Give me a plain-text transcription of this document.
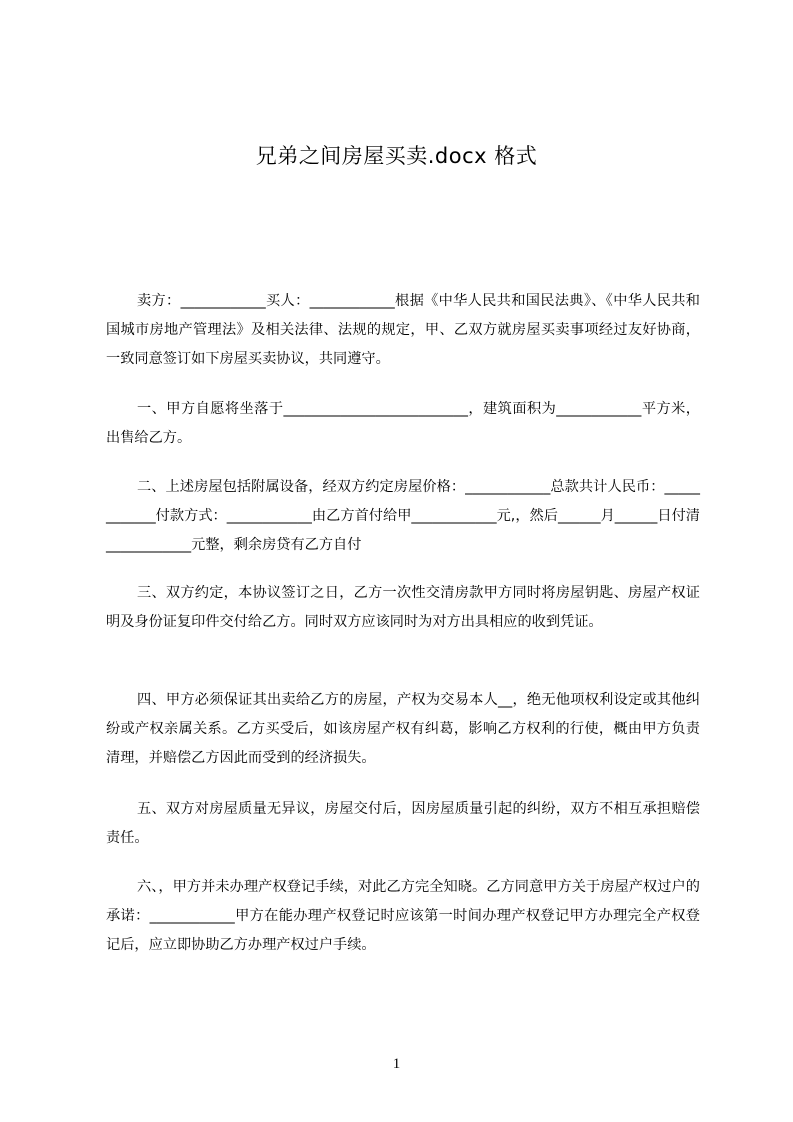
兄弟之间房屋买卖.docx 格式

卖方：____________买人：____________根据《中华人民共和国民法典》、《中华人民共和国城市房地产管理法》及相关法律、法规的规定，甲、乙双方就房屋买卖事项经过友好协商，一致同意签订如下房屋买卖协议，共同遵守。

一、甲方自愿将坐落于__________________________，建筑面积为____________平方米，出售给乙方。

二、上述房屋包括附属设备，经双方约定房屋价格：____________总款共计人民币：____________付款方式：____________由乙方首付给甲____________元,，然后______月______日付清____________元整，剩余房贷有乙方自付

三、双方约定，本协议签订之日，乙方一次性交清房款甲方同时将房屋钥匙、房屋产权证明及身份证复印件交付给乙方。同时双方应该同时为对方出具相应的收到凭证。

四、甲方必须保证其出卖给乙方的房屋，产权为交易本人__，绝无他项权利设定或其他纠纷或产权亲属关系。乙方买受后，如该房屋产权有纠葛，影响乙方权利的行使，概由甲方负责清理，并赔偿乙方因此而受到的经济损失。

五、双方对房屋质量无异议，房屋交付后，因房屋质量引起的纠纷，双方不相互承担赔偿责任。

六、，甲方并未办理产权登记手续，对此乙方完全知晓。乙方同意甲方关于房屋产权过户的承诺：____________甲方在能办理产权登记时应该第一时间办理产权登记甲方办理完全产权登记后，应立即协助乙方办理产权过户手续。

1
